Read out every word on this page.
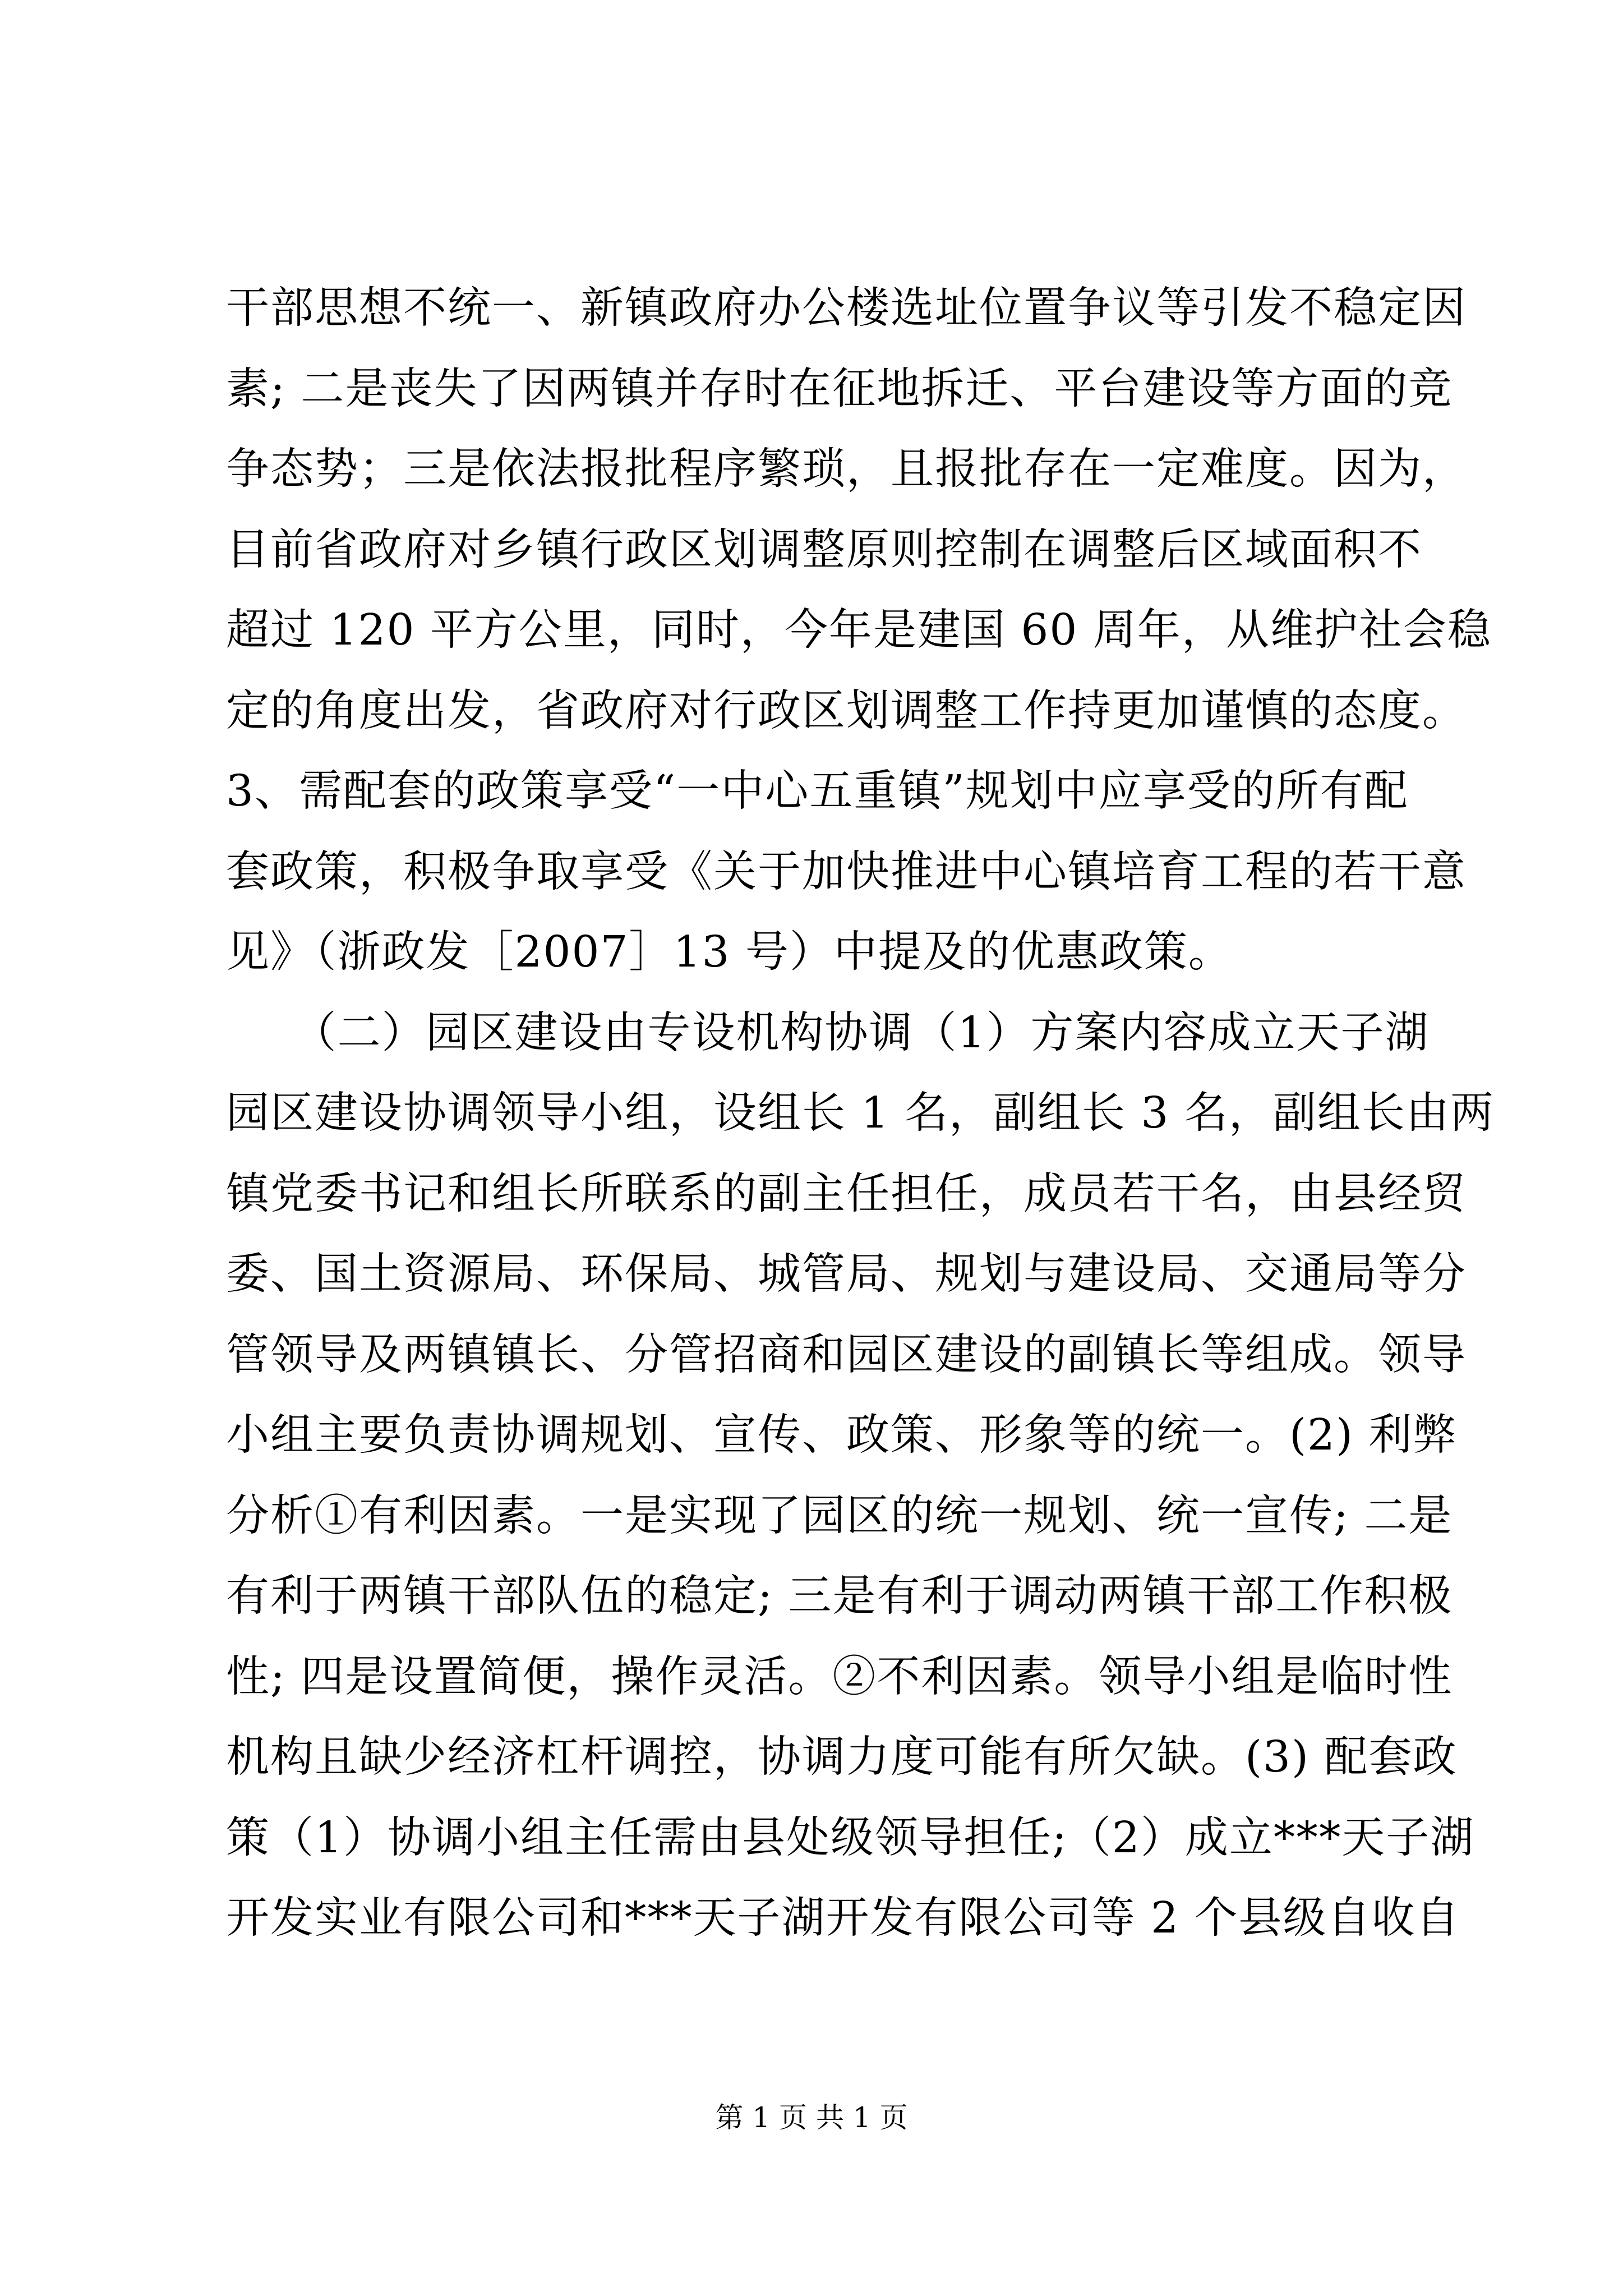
干部思想不统一、新镇政府办公楼选址位置争议等引发不稳定因
素; 二是丧失了因两镇并存时在征地拆迁、平台建设等方面的竞
争态势；三是依法报批程序繁琐，且报批存在一定难度。因为，
目前省政府对乡镇行政区划调整原则控制在调整后区域面积不
超过 120 平方公里，同时，今年是建国 60 周年，从维护社会稳
定的角度出发，省政府对行政区划调整工作持更加谨慎的态度。
3、需配套的政策享受“一中心五重镇”规划中应享受的所有配
套政策，积极争取享受《关于加快推进中心镇培育工程的若干意
见》（浙政发［2007］13 号）中提及的优惠政策。
　　（二）园区建设由专设机构协调（1）方案内容成立天子湖
园区建设协调领导小组，设组长 1 名，副组长 3 名，副组长由两
镇党委书记和组长所联系的副主任担任，成员若干名，由县经贸
委、国土资源局、环保局、城管局、规划与建设局、交通局等分
管领导及两镇镇长、分管招商和园区建设的副镇长等组成。领导
小组主要负责协调规划、宣传、政策、形象等的统一。(2) 利弊
分析①有利因素。一是实现了园区的统一规划、统一宣传; 二是
有利于两镇干部队伍的稳定; 三是有利于调动两镇干部工作积极
性; 四是设置简便，操作灵活。②不利因素。领导小组是临时性
机构且缺少经济杠杆调控，协调力度可能有所欠缺。(3) 配套政
策（1）协调小组主任需由县处级领导担任;（2）成立***天子湖
开发实业有限公司和***天子湖开发有限公司等 2 个县级自收自
第 1 页 共 1 页
